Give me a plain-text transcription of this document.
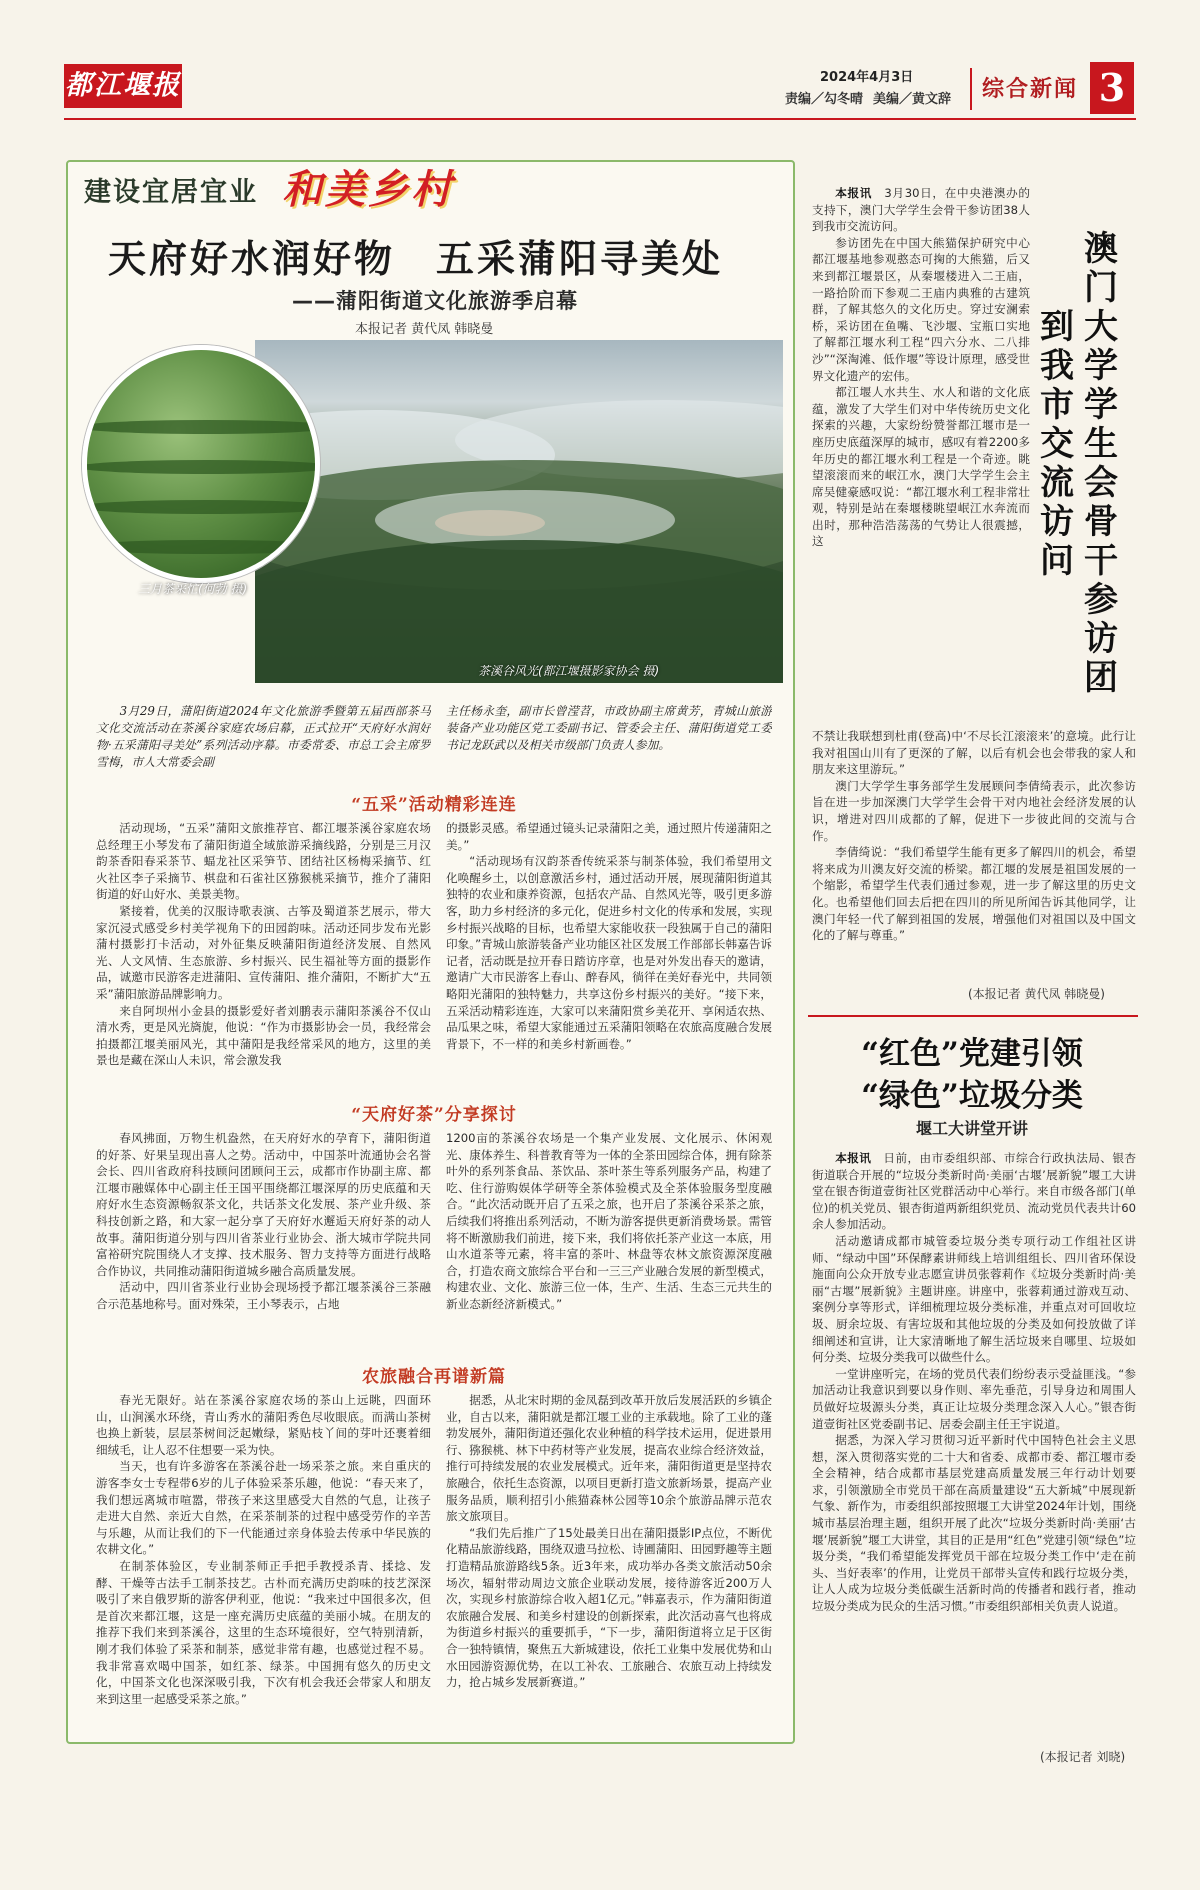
都江堰报	2024年4月3日
责编／勾冬晴 美编／黄文辞	综合新闻 3
建设宜居宜业 和美乡村
天府好水润好物　五采蒲阳寻美处
——蒲阳街道文化旅游季启幕
本报记者 黄代凤 韩晓曼
三月茶采忙(何勃 摄)
茶溪谷风光(都江堰摄影家协会 摄)
3月29日，蒲阳街道2024年文化旅游季暨第五届西部茶马文化交流活动在茶溪谷家庭农场启幕，正式拉开“天府好水润好物·五采蒲阳寻美处”系列活动序幕。市委常委、市总工会主席罗雪梅，市人大常委会副
主任杨永奎，副市长曾滢苕，市政协副主席黄芳，青城山旅游装备产业功能区党工委副书记、管委会主任、蒲阳街道党工委书记龙跃武以及相关市级部门负责人参加。
“五采”活动精彩连连

活动现场，“五采”蒲阳文旅推荐官、都江堰茶溪谷家庭农场总经理王小琴发布了蒲阳街道全域旅游采摘线路，分别是三月汉韵茶香阳春采茶节、蝠龙社区采笋节、团结社区杨梅采摘节、红火社区李子采摘节、棋盘和石雀社区猕猴桃采摘节，推介了蒲阳街道的好山好水、美景美物。

紧接着，优美的汉服诗歌表演、古筝及蜀道茶艺展示，带大家沉浸式感受乡村美学视角下的田园韵味。活动还同步发布光影蒲村摄影打卡活动，对外征集反映蒲阳街道经济发展、自然风光、人文风情、生态旅游、乡村振兴、民生福祉等方面的摄影作品，诚邀市民游客走进蒲阳、宣传蒲阳、推介蒲阳，不断扩大“五采”蒲阳旅游品牌影响力。

来自阿坝州小金县的摄影爱好者刘鹏表示蒲阳茶溪谷不仅山清水秀，更是风光旖旎，他说：“作为市摄影协会一员，我经常会拍摄都江堰美丽风光，其中蒲阳是我经常采风的地方，这里的美景也是藏在深山人未识，常会激发我

的摄影灵感。希望通过镜头记录蒲阳之美，通过照片传递蒲阳之美。”

“活动现场有汉韵茶香传统采茶与制茶体验，我们希望用文化唤醒乡土，以创意激活乡村，通过活动开展，展现蒲阳街道其独特的农业和康养资源，包括农产品、自然风光等，吸引更多游客，助力乡村经济的多元化，促进乡村文化的传承和发展，实现乡村振兴战略的目标，也希望大家能收获一段独属于自己的蒲阳印象。”青城山旅游装备产业功能区社区发展工作部部长韩嘉告诉记者，活动既是拉开春日踏访序章，也是对外发出春天的邀请，邀请广大市民游客上春山、醉春风，徜徉在美好春光中，共同领略阳光蒲阳的独特魅力，共享这份乡村振兴的美好。“接下来，五采活动精彩连连，大家可以来蒲阳赏乡美花开、享闲适农热、品瓜果之味，希望大家能通过五采蒲阳领略在农旅高度融合发展背景下，不一样的和美乡村新画卷。”

“天府好茶”分享探讨

春风拂面，万物生机盎然，在天府好水的孕育下，蒲阳街道的好茶、好果呈现出喜人之势。活动中，中国茶叶流通协会名誉会长、四川省政府科技顾问团顾问王云，成都市作协副主席、都江堰市融媒体中心副主任王国平围绕都江堰深厚的历史底蕴和天府好水生态资源畅叙茶文化，共话茶文化发展、茶产业升级、茶科技创新之路，和大家一起分享了天府好水邂逅天府好茶的动人故事。蒲阳街道分别与四川省茶业行业协会、浙大城市学院共同富裕研究院围绕人才支撑、技术服务、智力支持等方面进行战略合作协议，共同推动蒲阳街道城乡融合高质量发展。

活动中，四川省茶业行业协会现场授予都江堰茶溪谷三茶融合示范基地称号。面对殊荣，王小琴表示，占地

1200亩的茶溪谷农场是一个集产业发展、文化展示、休闲观光、康体养生、科普教育等为一体的全茶田园综合体，拥有除茶叶外的系列茶食品、茶饮品、茶叶茶生等系列服务产品，构建了吃、住行游购娱体学研等全茶体验模式及全茶体验服务型度融合。“此次活动既开启了五采之旅，也开启了茶溪谷采茶之旅，后续我们将推出系列活动，不断为游客提供更新消费场景。需管将不断激励我们前进，接下来，我们将依托茶产业这一本底，用山水道茶等元素，将丰富的茶叶、林盘等农林文旅资源深度融合，打造农商文旅综合平台和一三三产业融合发展的新型模式，构建农业、文化、旅游三位一体，生产、生活、生态三元共生的新业态新经济新模式。”

农旅融合再谱新篇

春光无限好。站在茶溪谷家庭农场的茶山上远眺，四面环山，山涧溪水环绕，青山秀水的蒲阳秀色尽收眼底。而满山茶树也换上新装，层层茶树间泛起嫩绿，紧贴枝丫间的芽叶还裹着细细绒毛，让人忍不住想要一采为快。

当天，也有许多游客在茶溪谷赴一场采茶之旅。来自重庆的游客李女士专程带6岁的儿子体验采茶乐趣，他说：“春天来了，我们想远离城市喧嚣，带孩子来这里感受大自然的气息，让孩子走进大自然、亲近大自然，在采茶制茶的过程中感受劳作的辛苦与乐趣，从而让我们的下一代能通过亲身体验去传承中华民族的农耕文化。”

在制茶体验区，专业制茶师正手把手教授杀青、揉捻、发酵、干燥等古法手工制茶技艺。古朴而充满历史韵味的技艺深深吸引了来自俄罗斯的游客伊利亚，他说：“我来过中国很多次，但是首次来都江堰，这是一座充满历史底蕴的美丽小城。在朋友的推荐下我们来到茶溪谷，这里的生态环境很好，空气特别清新，刚才我们体验了采茶和制茶，感觉非常有趣，也感觉过程不易。我非常喜欢喝中国茶，如红茶、绿茶。中国拥有悠久的历史文化，中国茶文化也深深吸引我，下次有机会我还会带家人和朋友来到这里一起感受采茶之旅。”

据悉，从北宋时期的金凤磊到改革开放后发展活跃的乡镇企业，自古以来，蒲阳就是都江堰工业的主承载地。除了工业的蓬勃发展外，蒲阳街道还强化农业种植的科学技术运用，促进景用行、猕猴桃、林下中药材等产业发展，提高农业综合经济效益，推行可持续发展的农业发展模式。近年来，蒲阳街道更是坚持农旅融合，依托生态资源，以项目更新打造文旅新场景，提高产业服务品质，顺利招引小熊猫森林公园等10余个旅游品牌示范农旅文旅项目。

“我们先后推广了15处最美日出在蒲阳摄影IP点位，不断优化精品旅游线路，围绕双遗马拉松、诗圃蒲阳、田园野趣等主题打造精品旅游路线5条。近3年来，成功举办各类文旅活动50余场次，辐射带动周边文旅企业联动发展，接待游客近200万人次，实现乡村旅游综合收入超1亿元。”韩嘉表示，作为蒲阳街道农旅融合发展、和美乡村建设的创新探索，此次活动喜气也将成为街道乡村振兴的重要抓手，“下一步，蒲阳街道将立足于区街合一独特镇情，聚焦五大新城建设，依托工业集中发展优势和山水田园游资源优势，在以工补农、工旅融合、农旅互动上持续发力，抢占城乡发展新赛道。”

澳门大学学生会骨干参访团
到我市交流访问

本报讯　 3月30日，在中央港澳办的支持下，澳门大学学生会骨干参访团38人到我市交流访问。

参访团先在中国大熊猫保护研究中心都江堰基地参观憨态可掬的大熊猫，后又来到都江堰景区，从秦堰楼进入二王庙，一路拾阶而下参观二王庙内典雅的古建筑群，了解其悠久的文化历史。穿过安澜索桥，采访团在鱼嘴、飞沙堰、宝瓶口实地了解都江堰水利工程“四六分水、二八排沙”“深淘滩、低作堰”等设计原理，感受世界文化遗产的宏伟。

都江堰人水共生、水人和谐的文化底蕴，激发了大学生们对中华传统历史文化探索的兴趣，大家纷纷赞誉都江堰市是一座历史底蕴深厚的城市，感叹有着2200多年历史的都江堰水利工程是一个奇迹。眺望滚滚而来的岷江水，澳门大学学生会主席吴健豪感叹说：“都江堰水利工程非常壮观，特别是站在秦堰楼眺望岷江水奔流而出时，那种浩浩荡荡的气势让人很震撼，这

不禁让我联想到杜甫(登高)中‘不尽长江滚滚来’的意境。此行让我对祖国山川有了更深的了解，以后有机会也会带我的家人和朋友来这里游玩。”

澳门大学学生事务部学生发展顾问李倩绮表示，此次参访旨在进一步加深澳门大学学生会骨干对内地社会经济发展的认识，增进对四川成都的了解，促进下一步彼此间的交流与合作。

李倩绮说：“我们希望学生能有更多了解四川的机会，希望将来成为川澳友好交流的桥梁。都江堰的发展是祖国发展的一个缩影，希望学生代表们通过参观，进一步了解这里的历史文化。也希望他们回去后把在四川的所见所闻告诉其他同学，让澳门年轻一代了解到祖国的发展，增强他们对祖国以及中国文化的了解与尊重。”

(本报记者 黄代凤 韩晓曼)
“红色”党建引领
“绿色”垃圾分类
堰工大讲堂开讲

本报讯　 日前，由市委组织部、市综合行政执法局、银杏街道联合开展的“垃圾分类新时尚·美丽‘古堰’展新貌”堰工大讲堂在银杏街道壹街社区党群活动中心举行。来自市级各部门(单位)的机关党员、银杏街道两新组织党员、流动党员代表共计60余人参加活动。

活动邀请成都市城管委垃圾分类专项行动工作组社区讲师、“绿动中国”环保酵素讲师线上培训组组长、四川省环保设施面向公众开放专业志愿宣讲员张蓉莉作《垃圾分类新时尚·美丽“古堰”展新貌》主题讲座。讲座中，张蓉莉通过游戏互动、案例分享等形式，详细梳理垃圾分类标准，并重点对可回收垃圾、厨余垃圾、有害垃圾和其他垃圾的分类及如何投放做了详细阐述和宣讲，让大家清晰地了解生活垃圾来自哪里、垃圾如何分类、垃圾分类我可以做些什么。

一堂讲座听完，在场的党员代表们纷纷表示受益匪浅。“参加活动让我意识到要以身作则、率先垂范，引导身边和周围人员做好垃圾源头分类，真正让垃圾分类理念深入人心。”银杏街道壹街社区党委副书记、居委会副主任王宇说道。

据悉，为深入学习贯彻习近平新时代中国特色社会主义思想，深入贯彻落实党的二十大和省委、成都市委、都江堰市委全会精神，结合成都市基层党建高质量发展三年行动计划要求，引领激励全市党员干部在高质量建设“五大新城”中展现新气象、新作为，市委组织部按照堰工大讲堂2024年计划，围绕城市基层治理主题，组织开展了此次“垃圾分类新时尚·美丽‘古堰’展新貌”堰工大讲堂，其目的正是用“红色”党建引领“绿色”垃圾分类，“我们希望能发挥党员干部在垃圾分类工作中‘走在前头、当好表率’的作用，让党员干部带头宣传和践行垃圾分类，让人人成为垃圾分类低碳生活新时尚的传播者和践行者，推动垃圾分类成为民众的生活习惯。”市委组织部相关负责人说道。

(本报记者 刘晓)
